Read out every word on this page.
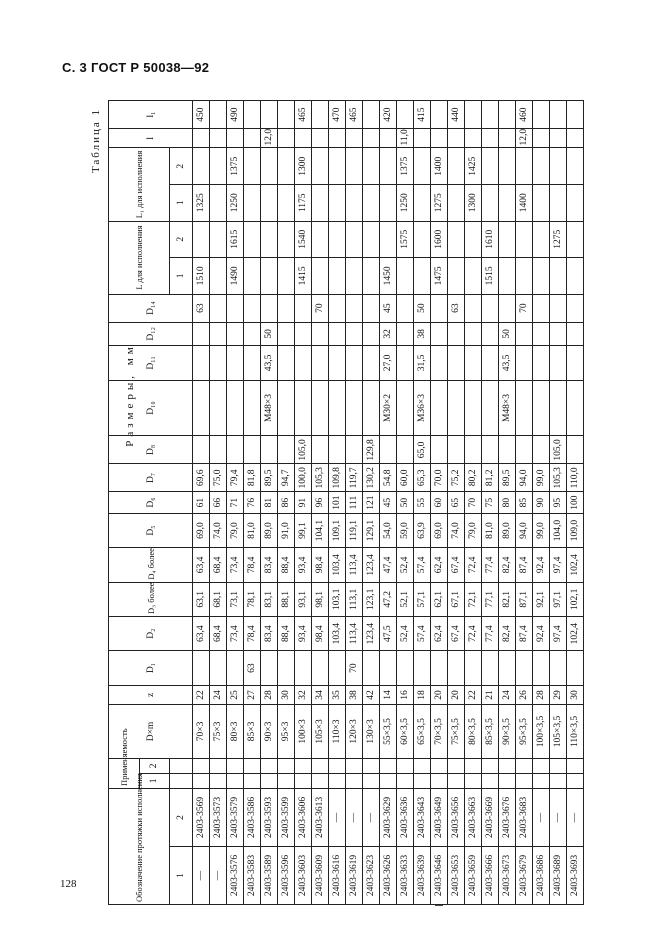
С. 3 ГОСТ Р 50038—92
Таблица 1
Размеры, мм
Обозначение протяжки исполнения		Применяемость		D×m	z	D₁	D₂	D₃ более	D₄ более	D₅	D₆	D₇	D₈	D₁₀	D₁₁	D₁₂	D₁₄	L для исполнения		L₁ для исполнения		l	l₁
		1	2																				
1	2																	1	2	1	2		
—	2403-3569			70×3	22		63,4	63,1	63,4	69,0	61	69,6					63	1510		1325			450
—	2403-3573			75×3	24		68,4	68,1	68,4	74,0	66	75,0											
2403-3576	2403-3579			80×3	25		73,4	73,1	73,4	79,0	71	79,4						1490	1615	1250	1375		490
2403-3583	2403-3586			85×3	27	63	78,4	78,1	78,4	81,0	76	81,8											
2403-3589	2403-3593			90×3	28		83,4	83,1	83,4	89,0	81	89,5		M48×3	43,5	50						12,0	
2403-3596	2403-3599			95×3	30		88,4	88,1	88,4	91,0	86	94,7											
2403-3603	2403-3606			100×3	32		93,4	93,1	93,4	99,1	91	100,0	105,0					1415	1540	1175	1300		465
2403-3609	2403-3613			105×3	34		98,4	98,1	98,4	104,1	96	105,3					70						
2403-3616	—			110×3	35		103,4	103,1	103,4	109,1	101	109,8											470
2403-3619	—			120×3	38	70	113,4	113,1	113,4	119,1	111	119,7											465
2403-3623	—			130×3	42		123,4	123,1	123,4	129,1	121	130,2	129,8										
2403-3626	2403-3629			55×3,5	14		47,5	47,2	47,4	54,0	45	54,8		M30×2	27,0	32	45	1450					420
2403-3633	2403-3636			60×3,5	16		52,4	52,1	52,4	59,0	50	60,0							1575	1250	1375	11,0	
2403-3639	2403-3643			65×3,5	18		57,4	57,1	57,4	63,9	55	65,3	65,0	M36×3	31,5	38	50						415
2403-3646	2403-3649			70×3,5	20		62,4	62,1	62,4	69,0	60	70,0						1475	1600	1275	1400		
2403-3653	2403-3656			75×3,5	20		67,4	67,1	67,4	74,0	65	75,2					63						440
2403-3659	2403-3663			80×3,5	22		72,4	72,1	72,4	79,0	70	80,2								1300	1425		
2403-3666	2403-3669			85×3,5	21		77,4	77,1	77,4	81,0	75	81,2						1515	1610				
2403-3673	2403-3676			90×3,5	24		82,4	82,1	82,4	89,0	80	89,5		M48×3	43,5	50							
2403-3679	2403-3683			95×3,5	26		87,4	87,1	87,4	94,0	85	94,0					70			1400		12,0	460
2403-3686	—			100×3,5	28		92,4	92,1	92,4	99,0	90	99,0											
2403-3689	—			105×3,5	29		97,4	97,1	97,4	104,0	95	105,3	105,0						1275				
2403-3693	—			110×3,5	30		102,4	102,1	102,4	109,0	100	110,0											
128
